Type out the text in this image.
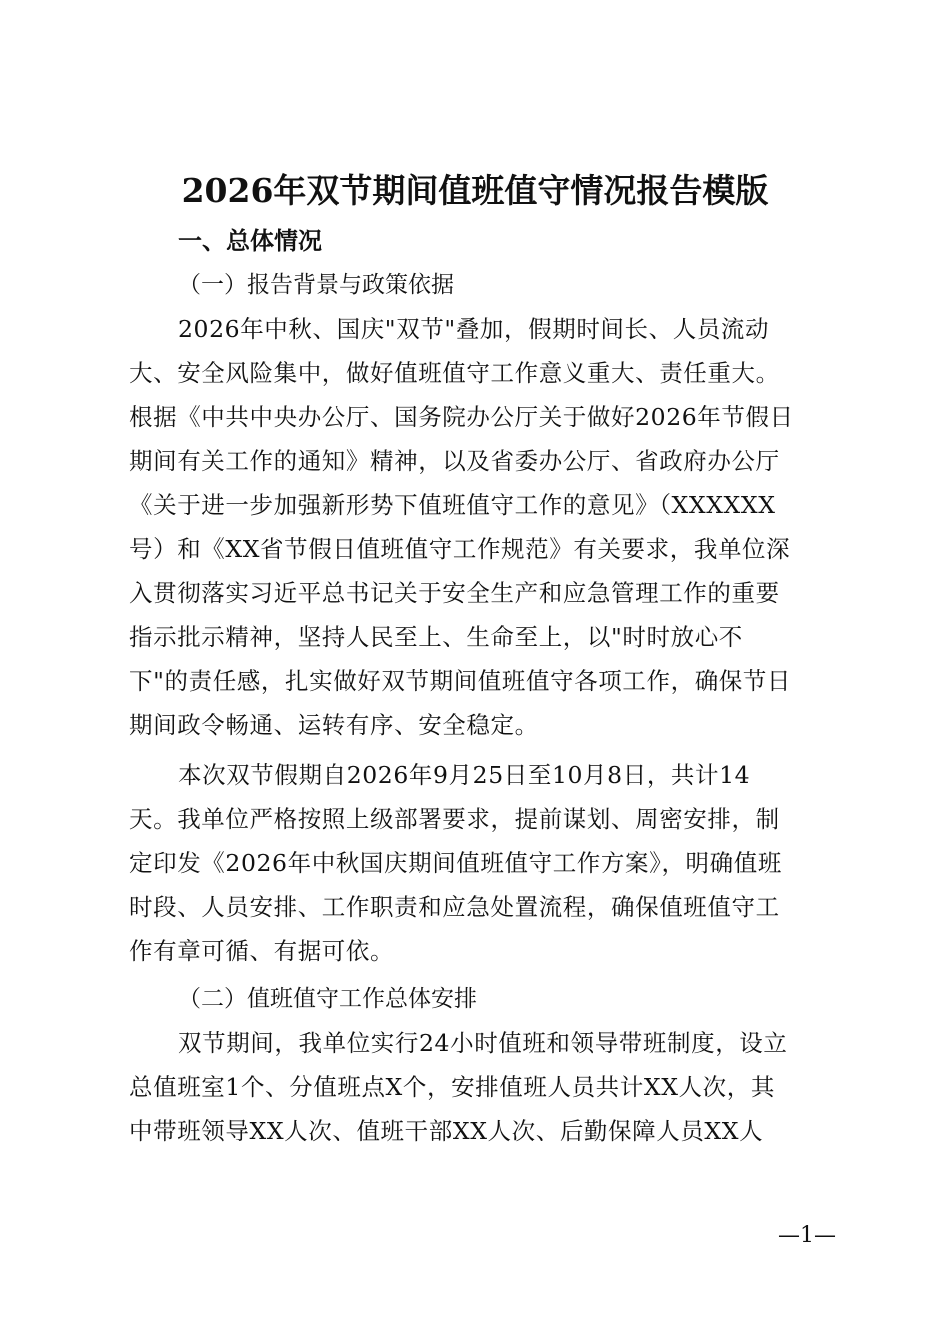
2026年双节期间值班值守情况报告模版
一、总体情况
（一）报告背景与政策依据
2026年中秋、国庆"双节"叠加，假期时间长、人员流动
大、安全风险集中，做好值班值守工作意义重大、责任重大。
根据《中共中央办公厅、国务院办公厅关于做好2026年节假日
期间有关工作的通知》精神，以及省委办公厅、省政府办公厅
《关于进一步加强新形势下值班值守工作的意见》（XXXXXX
号）和《XX省节假日值班值守工作规范》有关要求，我单位深
入贯彻落实习近平总书记关于安全生产和应急管理工作的重要
指示批示精神，坚持人民至上、生命至上，以"时时放心不
下"的责任感，扎实做好双节期间值班值守各项工作，确保节日
期间政令畅通、运转有序、安全稳定。
本次双节假期自2026年9月25日至10月8日，共计14
天。我单位严格按照上级部署要求，提前谋划、周密安排，制
定印发《2026年中秋国庆期间值班值守工作方案》，明确值班
时段、人员安排、工作职责和应急处置流程，确保值班值守工
作有章可循、有据可依。
（二）值班值守工作总体安排
双节期间，我单位实行24小时值班和领导带班制度，设立
总值班室1个、分值班点X个，安排值班人员共计XX人次，其
中带班领导XX人次、值班干部XX人次、后勤保障人员XX人
—1—
